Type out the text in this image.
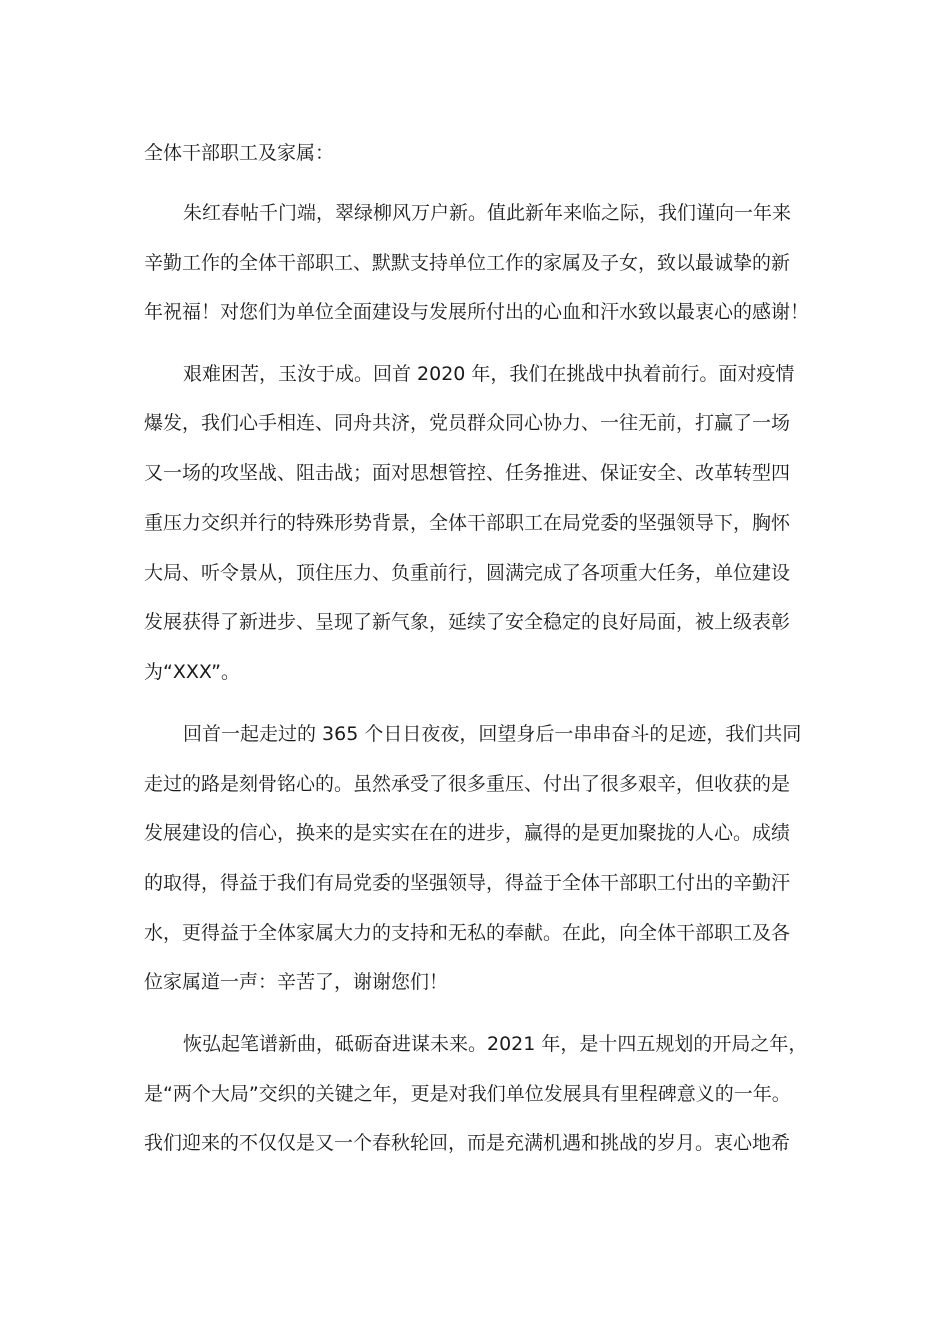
全体干部职工及家属：
朱红春帖千门端，翠绿柳风万户新。值此新年来临之际，我们谨向一年来
辛勤工作的全体干部职工、默默支持单位工作的家属及子女，致以最诚挚的新
年祝福！对您们为单位全面建设与发展所付出的心血和汗水致以最衷心的感谢！
艰难困苦，玉汝于成。回首 2020 年，我们在挑战中执着前行。面对疫情
爆发，我们心手相连、同舟共济，党员群众同心协力、一往无前，打赢了一场
又一场的攻坚战、阻击战；面对思想管控、任务推进、保证安全、改革转型四
重压力交织并行的特殊形势背景，全体干部职工在局党委的坚强领导下，胸怀
大局、听令景从，顶住压力、负重前行，圆满完成了各项重大任务，单位建设
发展获得了新进步、呈现了新气象，延续了安全稳定的良好局面，被上级表彰
为“XXX”。
回首一起走过的 365 个日日夜夜，回望身后一串串奋斗的足迹，我们共同
走过的路是刻骨铭心的。虽然承受了很多重压、付出了很多艰辛，但收获的是
发展建设的信心，换来的是实实在在的进步，赢得的是更加聚拢的人心。成绩
的取得，得益于我们有局党委的坚强领导，得益于全体干部职工付出的辛勤汗
水，更得益于全体家属大力的支持和无私的奉献。在此，向全体干部职工及各
位家属道一声：辛苦了，谢谢您们！
恢弘起笔谱新曲，砥砺奋进谋未来。2021 年，是十四五规划的开局之年，
是“两个大局”交织的关键之年，更是对我们单位发展具有里程碑意义的一年。
我们迎来的不仅仅是又一个春秋轮回，而是充满机遇和挑战的岁月。衷心地希
